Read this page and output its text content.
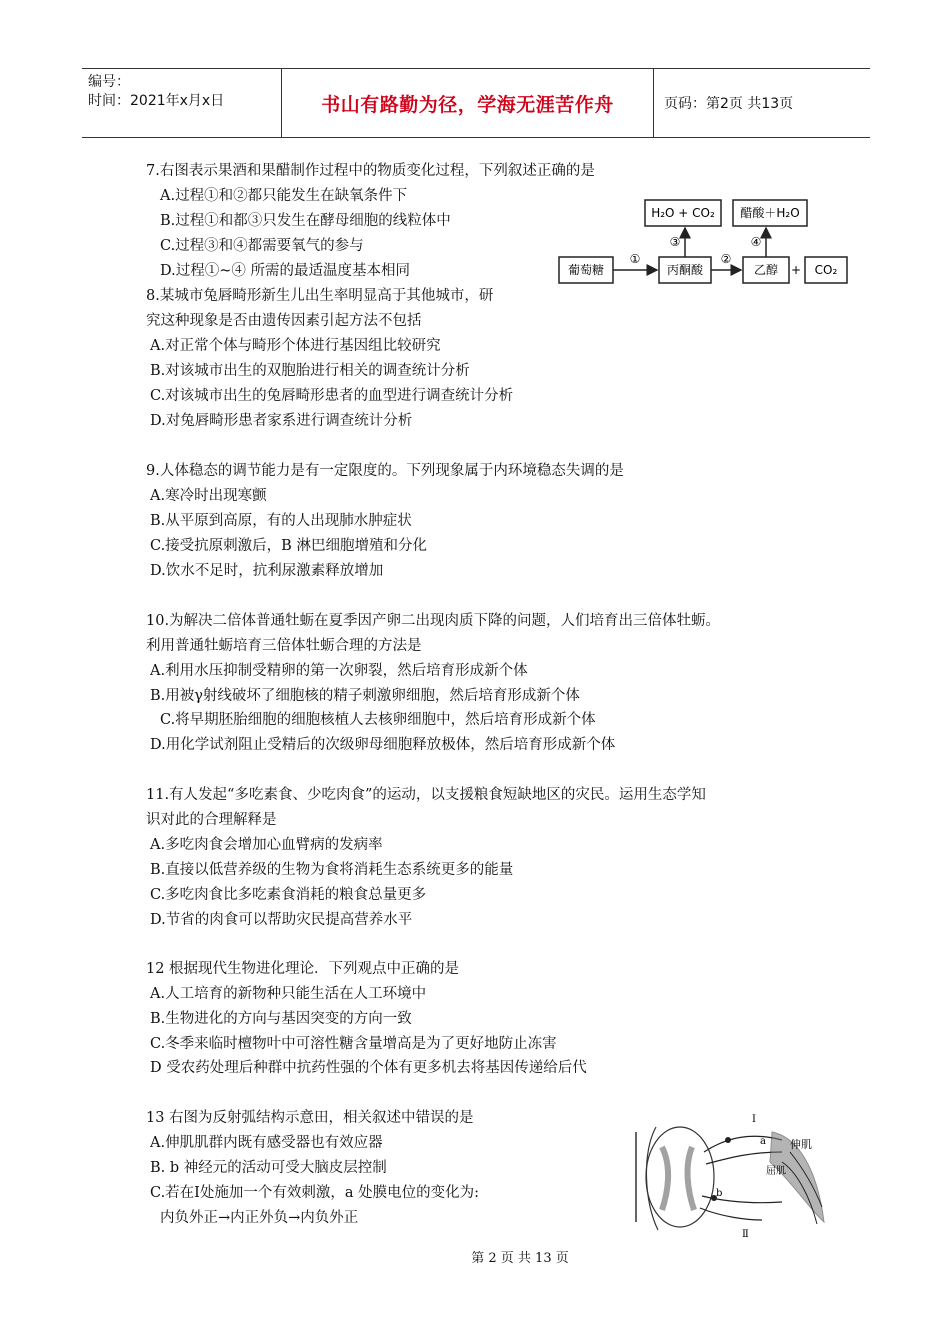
编号：
时间：2021年x月x日	书山有路勤为径，学海无涯苦作舟	页码：第2页 共13页
7.右图表示果酒和果醋制作过程中的物质变化过程，下列叙述正确的是
A.过程①和②都只能发生在缺氧条件下
B.过程①和都③只发生在酵母细胞的线粒体中
C.过程③和④都需要氧气的参与
D.过程①~④ 所需的最适温度基本相同
8.某城市兔唇畸形新生儿出生率明显高于其他城市，研
究这种现象是否由遗传因素引起方法不包括
A.对正常个体与畸形个体进行基因组比较研究
B.对该城市出生的双胞胎进行相关的调查统计分析
C.对该城市出生的兔唇畸形患者的血型进行调查统计分析
D.对兔唇畸形患者家系进行调查统计分析
9.人体稳态的调节能力是有一定限度的。下列现象属于内环境稳态失调的是
A.寒冷时出现寒颤
B.从平原到高原，有的人出现肺水肿症状
C.接受抗原刺激后，B 淋巴细胞增殖和分化
D.饮水不足时，抗利尿激素释放增加
10.为解决二倍体普通牡蛎在夏季因产卵二出现肉质下降的问题，人们培育出三倍体牡蛎。
利用普通牡蛎培育三倍体牡蛎合理的方法是
A.利用水压抑制受精卵的第一次卵裂，然后培育形成新个体
B.用被γ射线破坏了细胞核的精子刺激卵细胞，然后培育形成新个体
C.将早期胚胎细胞的细胞核植人去核卵细胞中，然后培育形成新个体
D.用化学试剂阻止受精后的次级卵母细胞释放极体，然后培育形成新个体
11.有人发起“多吃素食、少吃肉食”的运动，以支援粮食短缺地区的灾民。运用生态学知
识对此的合理解释是
A.多吃肉食会增加心血臂病的发病率
B.直接以低营养级的生物为食将消耗生态系统更多的能量
C.多吃肉食比多吃素食消耗的粮食总量更多
D.节省的肉食可以帮助灾民提高营养水平
12 根据现代生物进化理论．下列观点中正确的是
A.人工培育的新物种只能生活在人工环境中
B.生物进化的方向与基因突变的方向一致
C.冬季来临时檀物叶中可溶性糖含量增高是为了更好地防止冻害
D 受农药处理后种群中抗药性强的个体有更多机去将基因传递给后代
13 右图为反射弧结构示意田，相关叙述中错误的是
A.伸肌肌群内既有感受器也有效应器
B. b 神经元的活动可受大脑皮层控制
C.若在Ⅰ处施加一个有效刺激，a 处膜电位的变化为:
内负外正→内正外负→内负外正
H₂O + CO₂ 醋酸＋H₂O
葡萄糖	丙酮酸	乙醇 + CO₂
①	②
③	④
Ⅰ
a 伸肌
屈肌
b
Ⅱ
第 2 页 共 13 页
